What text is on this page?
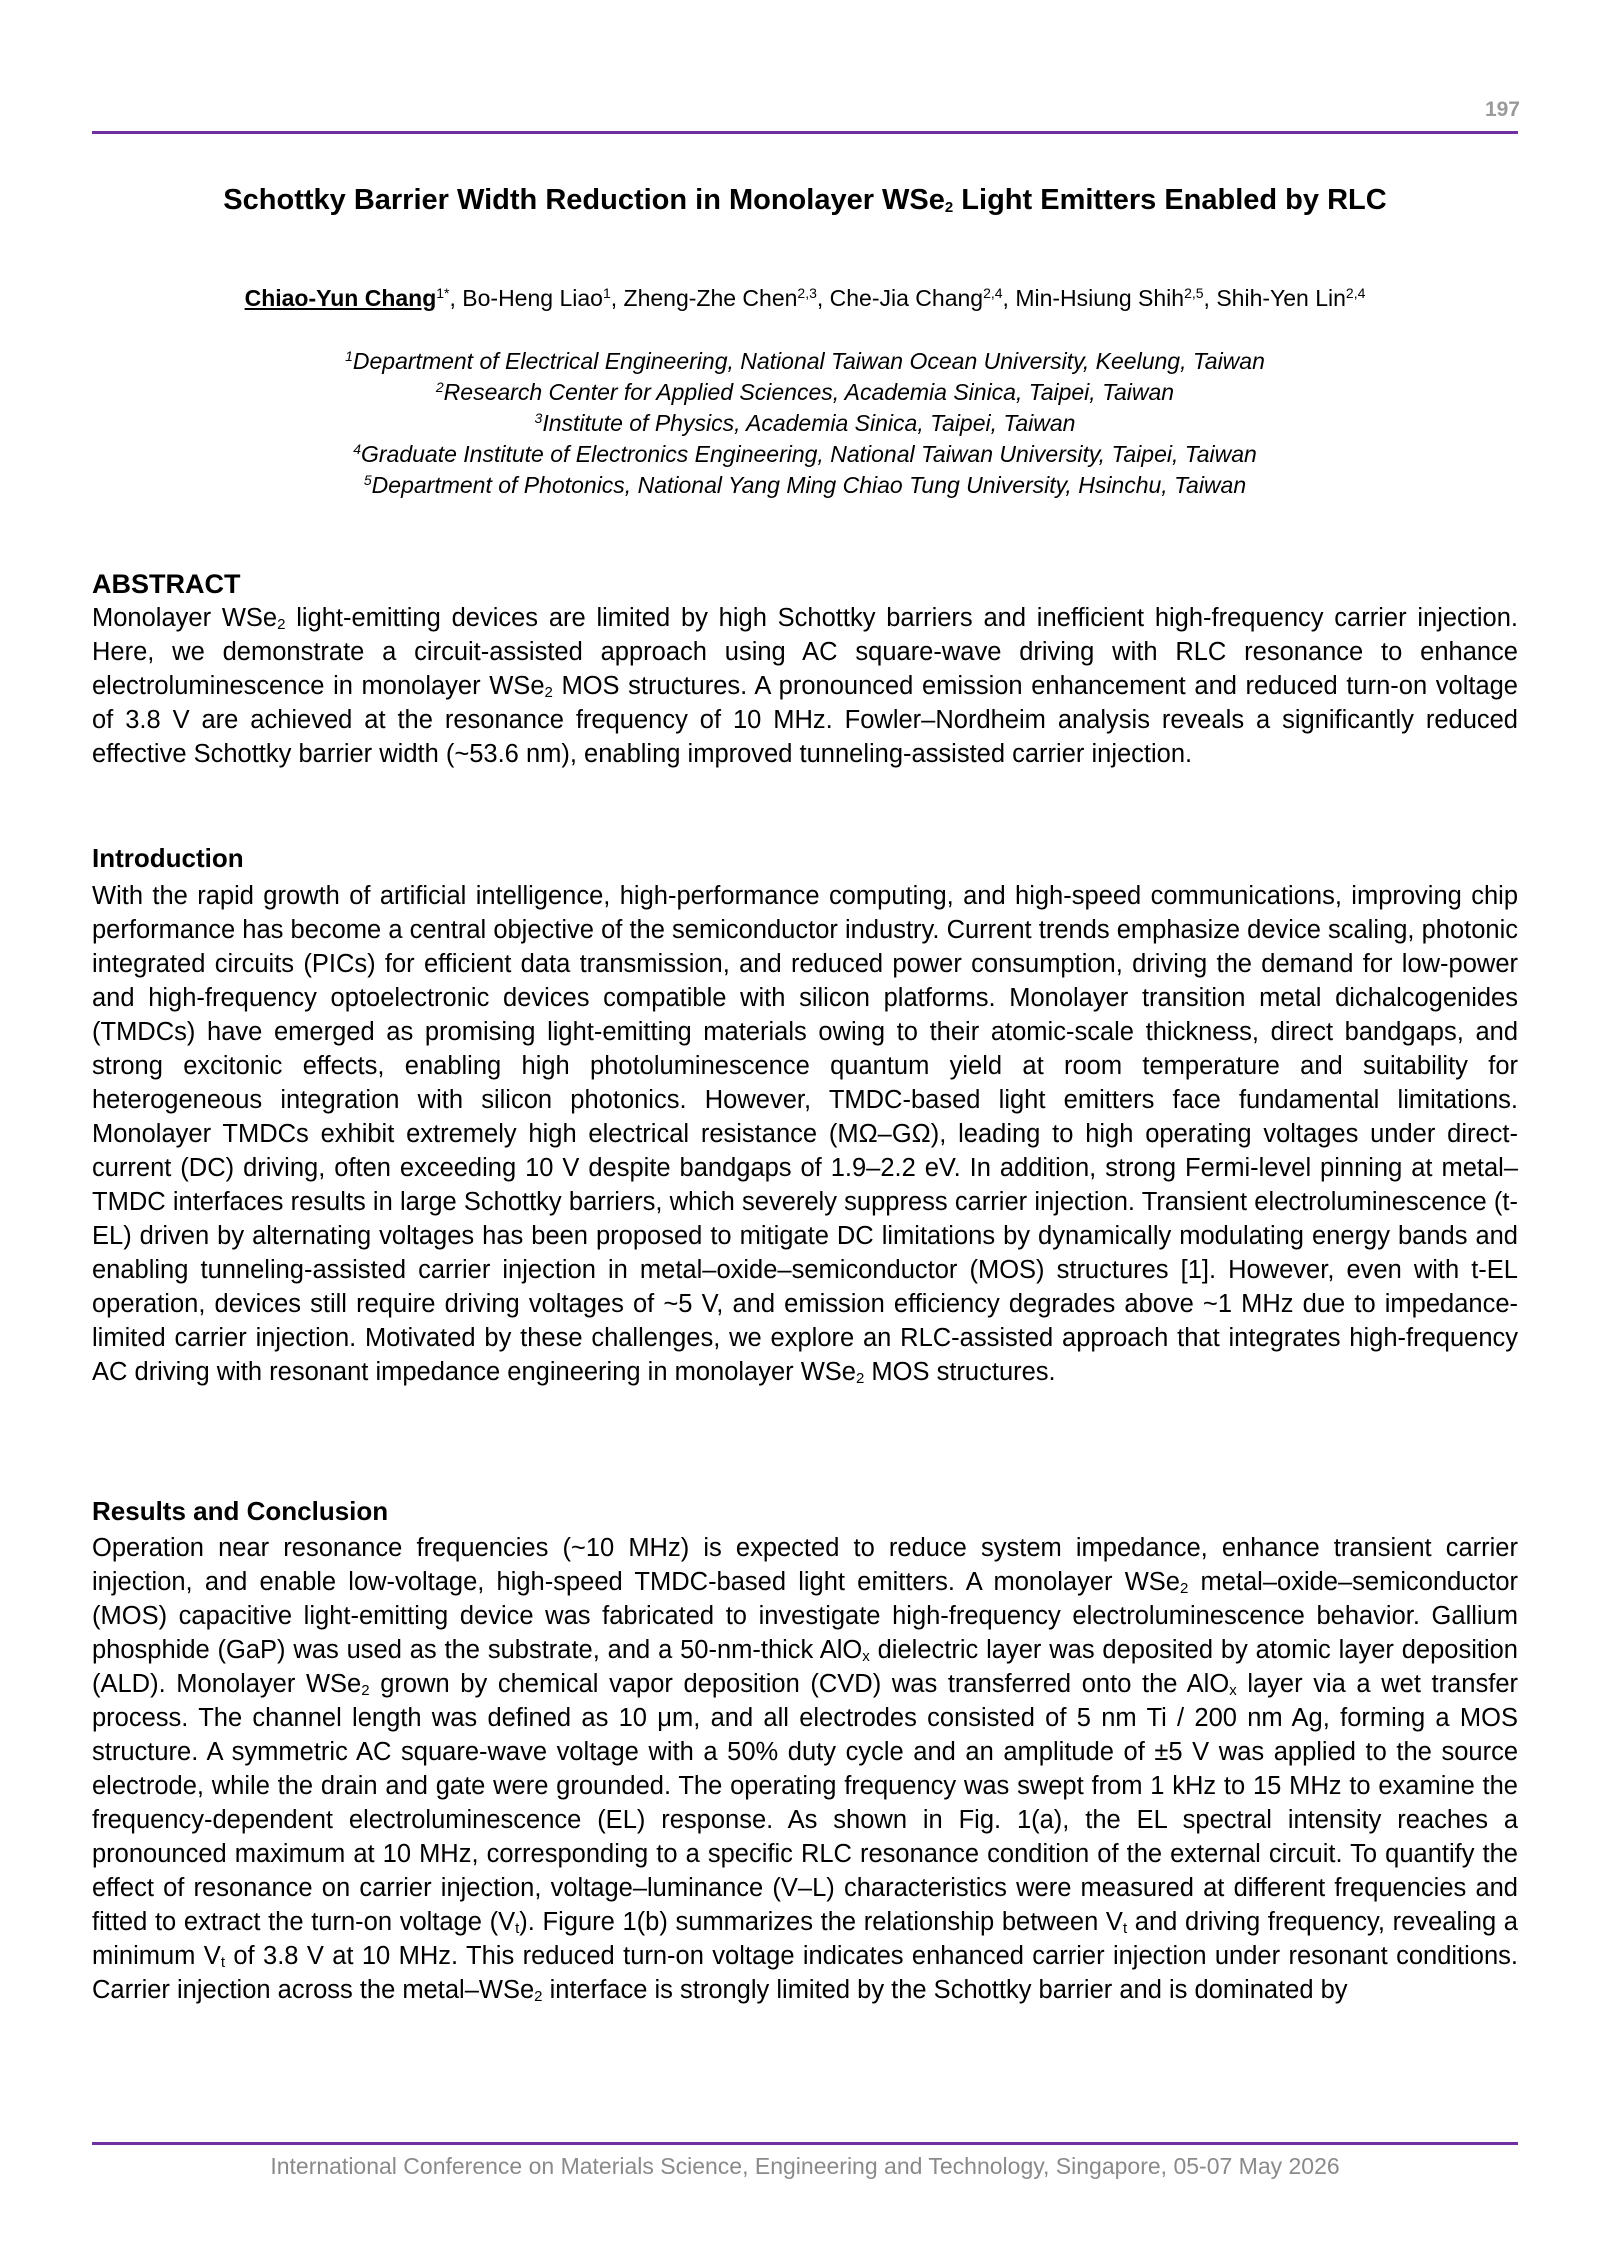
197
Schottky Barrier Width Reduction in Monolayer WSe$_2$ Light Emitters Enabled by RLC
Chiao-Yun Chang$^{1*}$, Bo-Heng Liao$^1$, Zheng-Zhe Chen$^{2,3}$, Che-Jia Chang$^{2,4}$, Min-Hsiung Shih$^{2,5}$, Shih-Yen Lin$^{2,4}$
$^1$Department of Electrical Engineering, National Taiwan Ocean University, Keelung, Taiwan
$^2$Research Center for Applied Sciences, Academia Sinica, Taipei, Taiwan
$^3$Institute of Physics, Academia Sinica, Taipei, Taiwan
$^4$Graduate Institute of Electronics Engineering, National Taiwan University, Taipei, Taiwan
$^5$Department of Photonics, National Yang Ming Chiao Tung University, Hsinchu, Taiwan
ABSTRACT
Monolayer WSe$_2$ light-emitting devices are limited by high Schottky barriers and inefficient high-frequency carrier injection. Here, we demonstrate a circuit-assisted approach using AC square-wave driving with RLC resonance to enhance electroluminescence in monolayer WSe$_2$ MOS structures. A pronounced emission enhancement and reduced turn-on voltage of 3.8 V are achieved at the resonance frequency of 10 MHz. Fowler–Nordheim analysis reveals a significantly reduced effective Schottky barrier width (~53.6 nm), enabling improved tunneling-assisted carrier injection.
Introduction
With the rapid growth of artificial intelligence, high-performance computing, and high-speed communications, improving chip performance has become a central objective of the semiconductor industry. Current trends emphasize device scaling, photonic integrated circuits (PICs) for efficient data transmission, and reduced power consumption, driving the demand for low-power and high-frequency optoelectronic devices compatible with silicon platforms. Monolayer transition metal dichalcogenides (TMDCs) have emerged as promising light-emitting materials owing to their atomic-scale thickness, direct bandgaps, and strong excitonic effects, enabling high photoluminescence quantum yield at room temperature and suitability for heterogeneous integration with silicon photonics. However, TMDC-based light emitters face fundamental limitations. Monolayer TMDCs exhibit extremely high electrical resistance (MΩ–GΩ), leading to high operating voltages under direct-current (DC) driving, often exceeding 10 V despite bandgaps of 1.9–2.2 eV. In addition, strong Fermi-level pinning at metal–TMDC interfaces results in large Schottky barriers, which severely suppress carrier injection. Transient electroluminescence (t-EL) driven by alternating voltages has been proposed to mitigate DC limitations by dynamically modulating energy bands and enabling tunneling-assisted carrier injection in metal–oxide–semiconductor (MOS) structures [1]. However, even with t-EL operation, devices still require driving voltages of ~5 V, and emission efficiency degrades above ~1 MHz due to impedance-limited carrier injection. Motivated by these challenges, we explore an RLC-assisted approach that integrates high-frequency AC driving with resonant impedance engineering in monolayer WSe$_2$ MOS structures.
Results and Conclusion
Operation near resonance frequencies (~10 MHz) is expected to reduce system impedance, enhance transient carrier injection, and enable low-voltage, high-speed TMDC-based light emitters. A monolayer WSe$_2$ metal–oxide–semiconductor (MOS) capacitive light-emitting device was fabricated to investigate high-frequency electroluminescence behavior. Gallium phosphide (GaP) was used as the substrate, and a 50-nm-thick AlO$_x$ dielectric layer was deposited by atomic layer deposition (ALD). Monolayer WSe$_2$ grown by chemical vapor deposition (CVD) was transferred onto the AlO$_x$ layer via a wet transfer process. The channel length was defined as 10 μm, and all electrodes consisted of 5 nm Ti / 200 nm Ag, forming a MOS structure. A symmetric AC square-wave voltage with a 50% duty cycle and an amplitude of ±5 V was applied to the source electrode, while the drain and gate were grounded. The operating frequency was swept from 1 kHz to 15 MHz to examine the frequency-dependent electroluminescence (EL) response. As shown in Fig. 1(a), the EL spectral intensity reaches a pronounced maximum at 10 MHz, corresponding to a specific RLC resonance condition of the external circuit. To quantify the effect of resonance on carrier injection, voltage–luminance (V–L) characteristics were measured at different frequencies and fitted to extract the turn-on voltage $(V_t)$. Figure 1(b) summarizes the relationship between $V_t$ and driving frequency, revealing a minimum $V_t$ of 3.8 V at 10 MHz. This reduced turn-on voltage indicates enhanced carrier injection under resonant conditions. Carrier injection across the metal–WSe$_2$ interface is strongly limited by the Schottky barrier and is dominated by
International Conference on Materials Science, Engineering and Technology, Singapore, 05-07 May 2026
